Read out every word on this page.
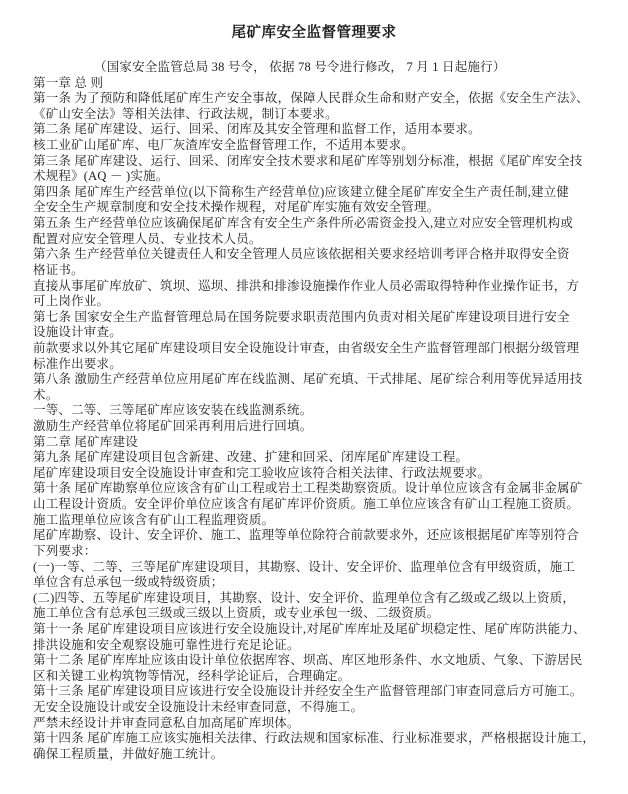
尾矿库安全监督管理要求
（国家安全监管总局 38 号令， 依据 78 号令进行修改， 7 月 1 日起施行）
第一章 总 则
第一条 为了预防和降低尾矿库生产安全事故，保障人民群众生命和财产安全，依据《安全生产法》、
《矿山安全法》等相关法律、行政法规，制订本要求。
第二条 尾矿库建设、运行、回采、闭库及其安全管理和监督工作，适用本要求。
核工业矿山尾矿库、电厂灰渣库安全监督管理工作，不适用本要求。
第三条 尾矿库建设、运行、回采、闭库安全技术要求和尾矿库等别划分标准，根据《尾矿库安全技
术规程》(AQ － )实施。
第四条 尾矿库生产经营单位(以下简称生产经营单位)应该建立健全尾矿库安全生产责任制,建立健
全安全生产规章制度和安全技术操作规程，对尾矿库实施有效安全管理。
第五条 生产经营单位应该确保尾矿库含有安全生产条件所必需资金投入,建立对应安全管理机构或
配置对应安全管理人员、专业技术人员。
第六条 生产经营单位关键责任人和安全管理人员应该依据相关要求经培训考评合格并取得安全资
格证书。
直接从事尾矿库放矿、筑坝、巡坝、排洪和排渗设施操作作业人员必需取得特种作业操作证书，方
可上岗作业。
第七条 国家安全生产监督管理总局在国务院要求职责范围内负责对相关尾矿库建设项目进行安全
设施设计审查。
前款要求以外其它尾矿库建设项目安全设施设计审查，由省级安全生产监督管理部门根据分级管理
标准作出要求。
第八条 激励生产经营单位应用尾矿库在线监测、尾矿充填、干式排尾、尾矿综合利用等优异适用技
术。
一等、二等、三等尾矿库应该安装在线监测系统。
激励生产经营单位将尾矿回采再利用后进行回填。
第二章 尾矿库建设
第九条 尾矿库建设项目包含新建、改建、扩建和回采、闭库尾矿库建设工程。
尾矿库建设项目安全设施设计审查和完工验收应该符合相关法律、行政法规要求。
第十条 尾矿库勘察单位应该含有矿山工程或岩土工程类勘察资质。设计单位应该含有金属非金属矿
山工程设计资质。安全评价单位应该含有尾矿库评价资质。施工单位应该含有矿山工程施工资质。
施工监理单位应该含有矿山工程监理资质。
尾矿库勘察、设计、安全评价、施工、监理等单位除符合前款要求外，还应该根据尾矿库等别符合
下列要求：
(一)一等、二等、三等尾矿库建设项目，其勘察、设计、安全评价、监理单位含有甲级资质，施工
单位含有总承包一级或特级资质；
(二)四等、五等尾矿库建设项目，其勘察、设计、安全评价、监理单位含有乙级或乙级以上资质，
施工单位含有总承包三级或三级以上资质，或专业承包一级、二级资质。
第十一条 尾矿库建设项目应该进行安全设施设计,对尾矿库库址及尾矿坝稳定性、尾矿库防洪能力、
排洪设施和安全观察设施可靠性进行充足论证。
第十二条 尾矿库库址应该由设计单位依据库容、坝高、库区地形条件、水文地质、气象、下游居民
区和关键工业构筑物等情况，经科学论证后，合理确定。
第十三条 尾矿库建设项目应该进行安全设施设计并经安全生产监督管理部门审查同意后方可施工。
无安全设施设计或安全设施设计未经审查同意，不得施工。
严禁未经设计并审查同意私自加高尾矿库坝体。
第十四条 尾矿库施工应该实施相关法律、行政法规和国家标准、行业标准要求，严格根据设计施工，
确保工程质量，并做好施工统计。
